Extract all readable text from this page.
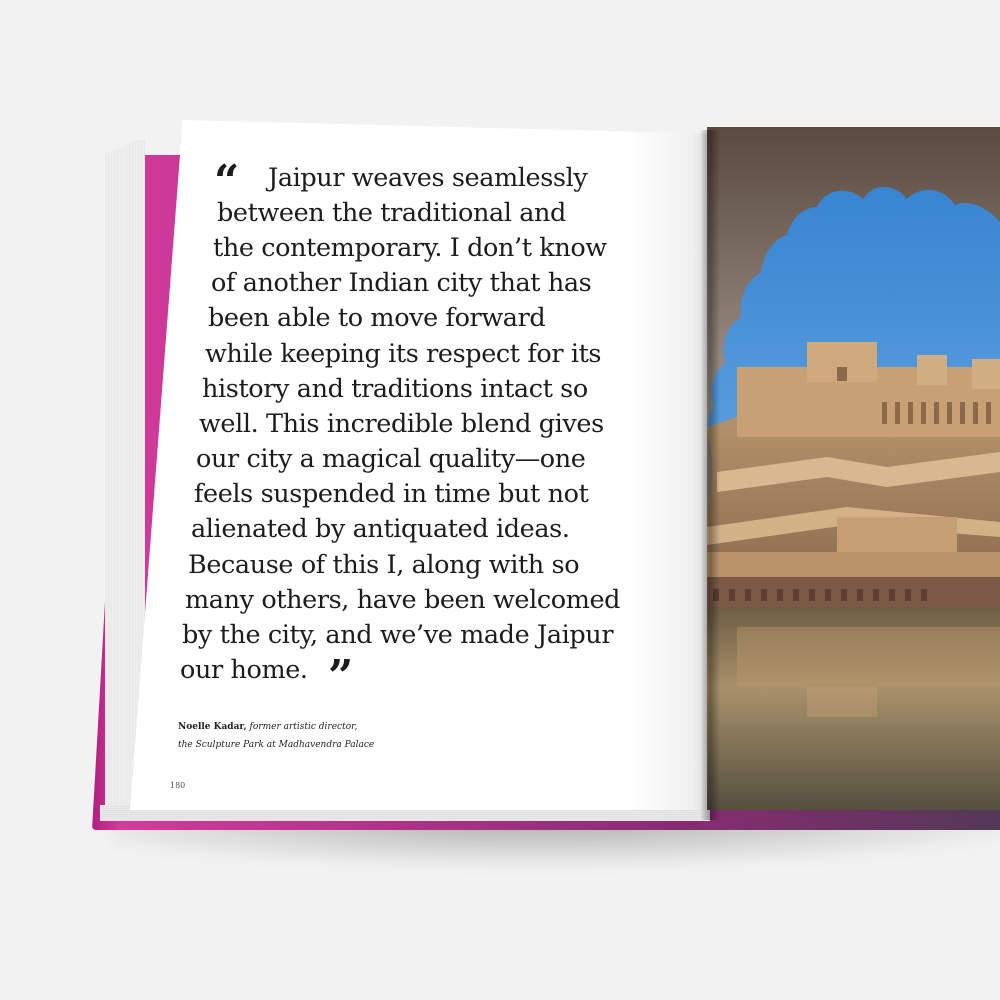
“ Jaipur weaves seamlessly
between the traditional and
the contemporary. I don’t know
of another Indian city that has
been able to move forward
while keeping its respect for its
history and traditions intact so
well. This incredible blend gives
our city a magical quality—one
feels suspended in time but not
alienated by antiquated ideas.
Because of this I, along with so
many others, have been welcomed
by the city, and we’ve made Jaipur
our home. ”
Noelle Kadar, former artistic director,
the Sculpture Park at Madhavendra Palace
180
